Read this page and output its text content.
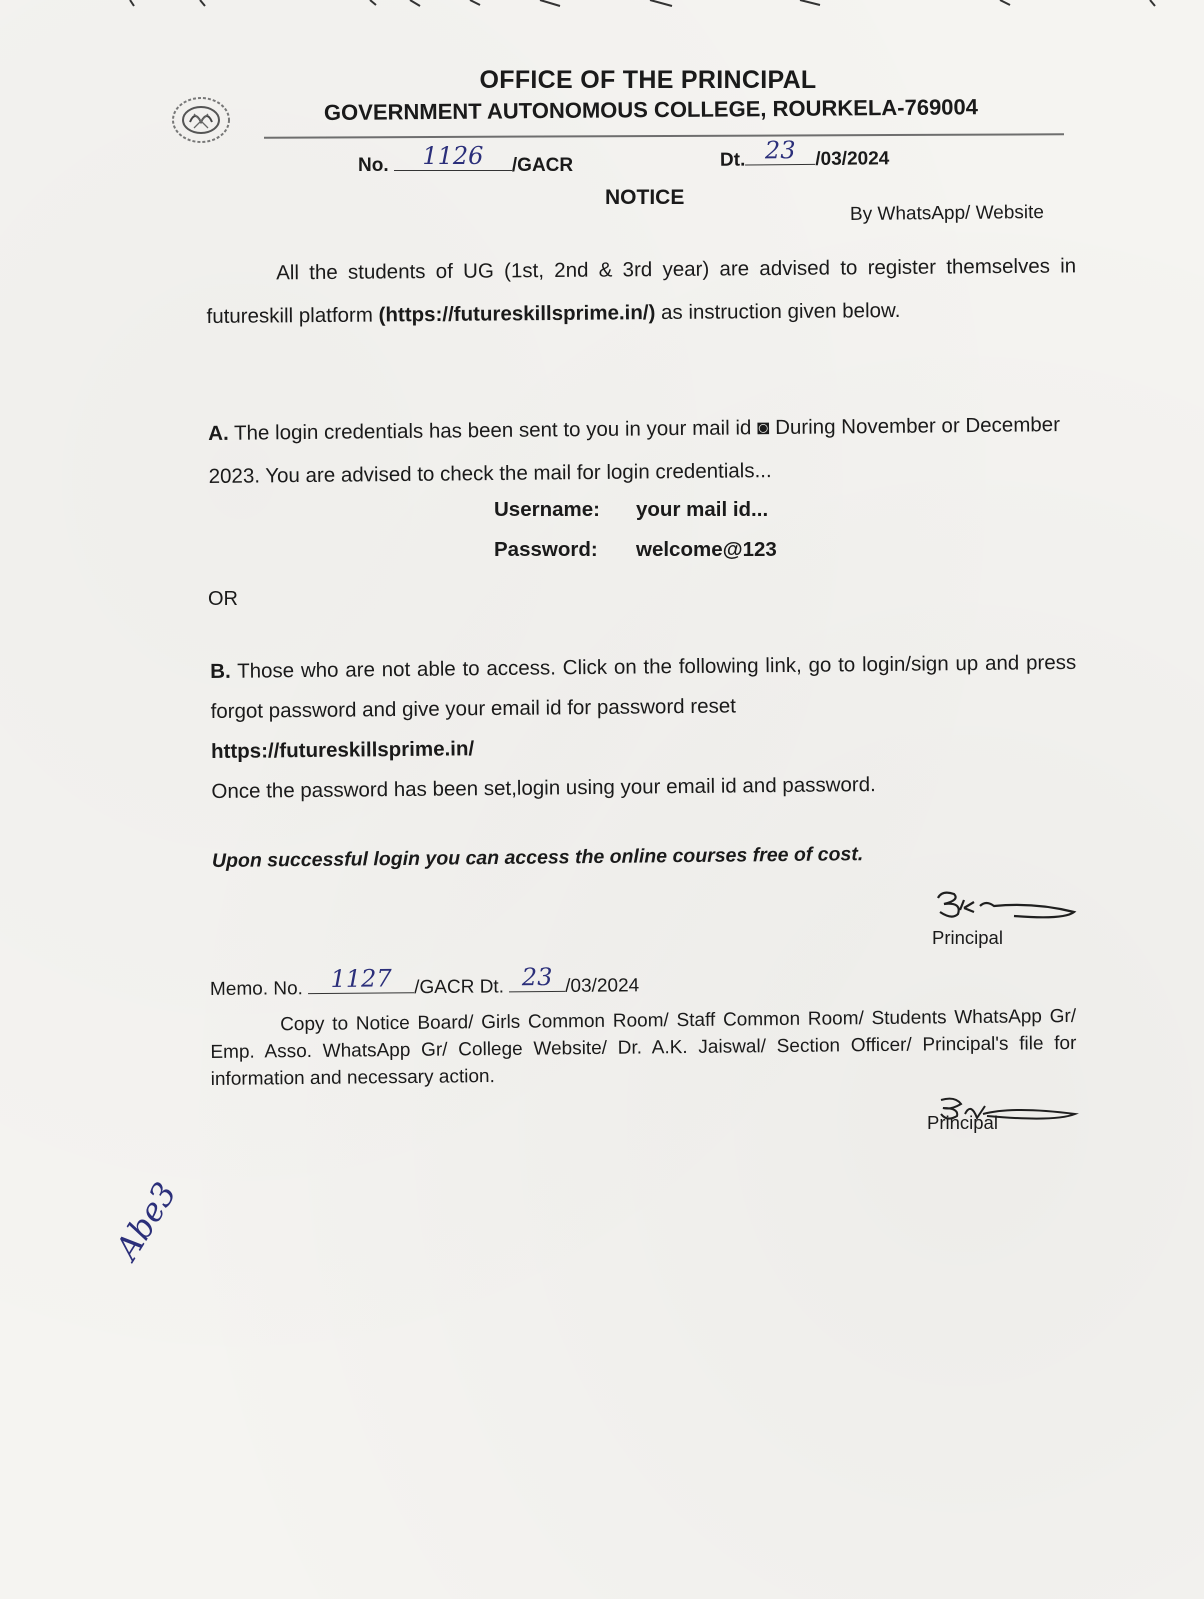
OFFICE OF THE PRINCIPAL
GOVERNMENT AUTONOMOUS COLLEGE, ROURKELA-769004
No.	1126	/GACR	Dt. 23	/03/2024
NOTICE
By WhatsApp/ Website
All the students of UG (1st, 2nd & 3rd year) are advised to register themselves in futureskill platform (https://futureskillsprime.in/) as instruction given below.
A. The login credentials has been sent to you in your mail id ◙ During November or December 2023. You are advised to check the mail for login credentials...
Username: your mail id...
Password: welcome@123
OR
B. Those who are not able to access. Click on the following link, go to login/sign up and press forgot password and give your email id for password reset
https://futureskillsprime.in/
Once the password has been set,login using your email id and password.
Upon successful login you can access the online courses free of cost.
Principal
Memo. No.	1127	/GACR Dt. 23 /03/2024
Copy to Notice Board/ Girls Common Room/ Staff Common Room/ Students WhatsApp Gr/ Emp. Asso. WhatsApp Gr/ College Website/ Dr. A.K. Jaiswal/ Section Officer/ Principal's file for information and necessary action.
Principal
Abe3
